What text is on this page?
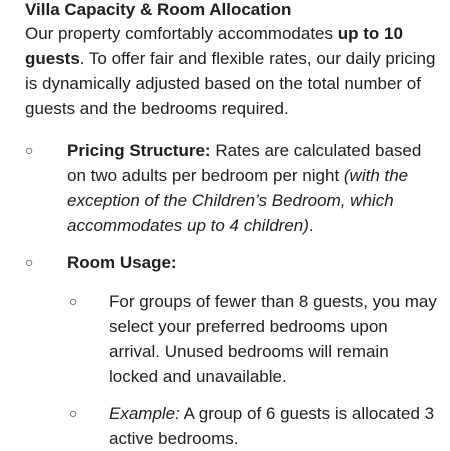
Villa Capacity & Room Allocation

Our property comfortably accommodates up to 10 guests. To offer fair and flexible rates, our daily pricing is dynamically adjusted based on the total number of guests and the bedrooms required.

○ Pricing Structure: Rates are calculated based on two adults per bedroom per night (with the exception of the Children’s Bedroom, which accommodates up to 4 children).
○ Room Usage:
○ For groups of fewer than 8 guests, you may select your preferred bedrooms upon arrival. Unused bedrooms will remain locked and unavailable.
○ Example: A group of 6 guests is allocated 3 active bedrooms.
